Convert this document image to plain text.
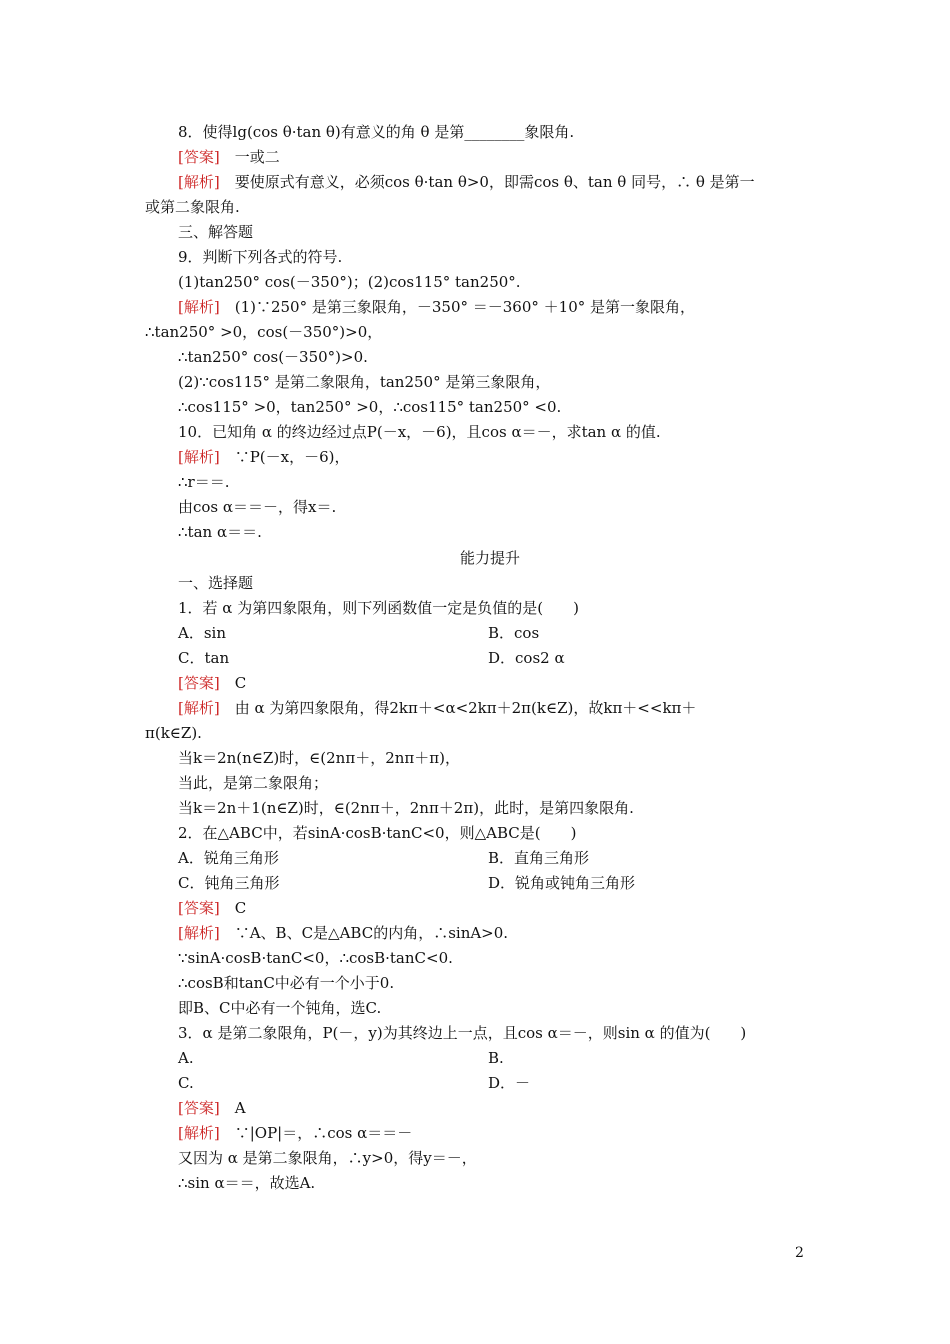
8．使得lg(cos θ·tan θ)有意义的角 θ 是第________象限角.
[答案]　一或二
[解析]　要使原式有意义，必须cos θ·tan θ>0，即需cos θ、tan θ 同号，∴ θ 是第一
或第二象限角.
三、解答题
9．判断下列各式的符号.
(1)tan250° cos(－350°)；(2)cos115° tan250°.
[解析]　(1)∵250° 是第三象限角，－350° ＝－360° ＋10° 是第一象限角，
∴tan250° >0，cos(－350°)>0，
∴tan250° cos(－350°)>0.
(2)∵cos115° 是第二象限角，tan250° 是第三象限角，
∴cos115° >0，tan250° >0，∴cos115° tan250° <0.
10．已知角 α 的终边经过点P(－x，－6)，且cos α＝－，求tan α 的值.
[解析]　∵P(－x，－6)，
∴r＝＝.
由cos α＝＝－，得x＝.
∴tan α＝＝.
能力提升
一、选择题
1．若 α 为第四象限角，则下列函数值一定是负值的是(　　)
A．sin	B．cos
C．tan	D．cos2 α
[答案]　C
[解析]　由 α 为第四象限角，得2kπ＋<α<2kπ＋2π(k∈Z)，故kπ＋<<kπ＋
π(k∈Z).
当k＝2n(n∈Z)时，∈(2nπ＋，2nπ＋π)，
当此，是第二象限角；
当k＝2n＋1(n∈Z)时，∈(2nπ＋，2nπ＋2π)，此时，是第四象限角.
2．在△ABC中，若sinA·cosB·tanC<0，则△ABC是(　　)
A．锐角三角形	B．直角三角形
C．钝角三角形	D．锐角或钝角三角形
[答案]　C
[解析]　∵A、B、C是△ABC的内角，∴sinA>0.
∵sinA·cosB·tanC<0，∴cosB·tanC<0.
∴cosB和tanC中必有一个小于0.
即B、C中必有一个钝角，选C.
3．α 是第二象限角，P(－，y)为其终边上一点，且cos α＝－，则sin α 的值为(　　)
A.	B.
C.	D．－
[答案]　A
[解析]　∵|OP|＝，∴cos α＝＝－
又因为 α 是第二象限角，∴y>0，得y＝－，
∴sin α＝＝，故选A.
2
